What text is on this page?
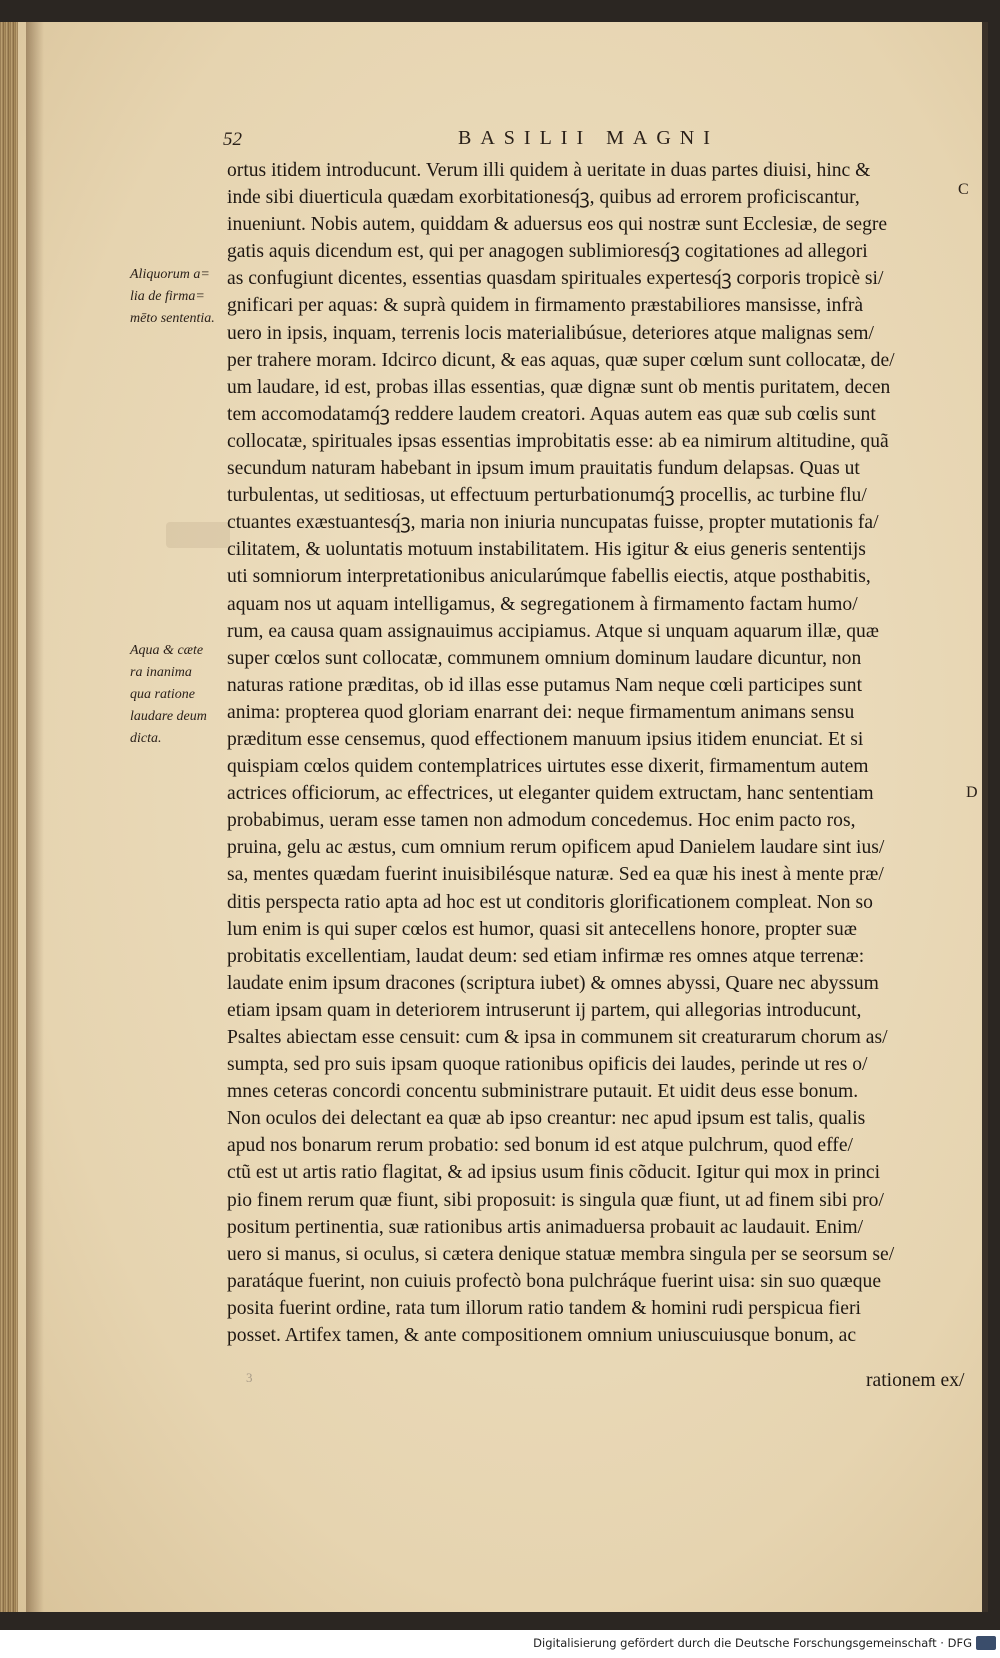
52	BASILII MAGNI
C
D
Aliquorum a=
lia de firma=
mēto sententia.
Aqua & cæte
ra inanima
qua ratione
laudare deum
dicta.
ortus itidem introducunt. Verum illi quidem à ueritate in duas partes diuisi, hinc &
inde sibi diuerticula quædam exorbitationesq́ꝫ, quibus ad errorem proficiscantur,
inueniunt. Nobis autem, quiddam & aduersus eos qui nostræ sunt Ecclesiæ, de segre
gatis aquis dicendum est, qui per anagogen sublimioresq́ꝫ cogitationes ad allegori
as confugiunt dicentes, essentias quasdam spirituales expertesq́ꝫ corporis tropicè si/
gnificari per aquas: & suprà quidem in firmamento præstabiliores mansisse, infrà
uero in ipsis, inquam, terrenis locis materialibúsue, deteriores atque malignas sem/
per trahere moram. Idcirco dicunt, & eas aquas, quæ super cœlum sunt collocatæ, de/
um laudare, id est, probas illas essentias, quæ dignæ sunt ob mentis puritatem, decen
tem accomodatamq́ꝫ reddere laudem creatori. Aquas autem eas quæ sub cœlis sunt
collocatæ, spirituales ipsas essentias improbitatis esse: ab ea nimirum altitudine, quã
secundum naturam habebant in ipsum imum prauitatis fundum delapsas. Quas ut
turbulentas, ut seditiosas, ut effectuum perturbationumq́ꝫ procellis, ac turbine flu/
ctuantes exæstuantesq́ꝫ, maria non iniuria nuncupatas fuisse, propter mutationis fa/
cilitatem, & uoluntatis motuum instabilitatem. His igitur & eius generis sententijs
uti somniorum interpretationibus anicularúmque fabellis eiectis, atque posthabitis,
aquam nos ut aquam intelligamus, & segregationem à firmamento factam humo/
rum, ea causa quam assignauimus accipiamus. Atque si unquam aquarum illæ, quæ
super cœlos sunt collocatæ, communem omnium dominum laudare dicuntur, non
naturas ratione præditas, ob id illas esse putamus Nam neque cœli participes sunt
anima: propterea quod gloriam enarrant dei: neque firmamentum animans sensu
præditum esse censemus, quod effectionem manuum ipsius itidem enunciat. Et si
quispiam cœlos quidem contemplatrices uirtutes esse dixerit, firmamentum autem
actrices officiorum, ac effectrices, ut eleganter quidem extructam, hanc sententiam
probabimus, ueram esse tamen non admodum concedemus. Hoc enim pacto ros,
pruina, gelu ac æstus, cum omnium rerum opificem apud Danielem laudare sint ius/
sa, mentes quædam fuerint inuisibilésque naturæ. Sed ea quæ his inest à mente præ/
ditis perspecta ratio apta ad hoc est ut conditoris glorificationem compleat. Non so
lum enim is qui super cœlos est humor, quasi sit antecellens honore, propter suæ
probitatis excellentiam, laudat deum: sed etiam infirmæ res omnes atque terrenæ:
laudate enim ipsum dracones (scriptura iubet) & omnes abyssi, Quare nec abyssum
etiam ipsam quam in deteriorem intruserunt ij partem, qui allegorias introducunt,
Psaltes abiectam esse censuit: cum & ipsa in communem sit creaturarum chorum as/
sumpta, sed pro suis ipsam quoque rationibus opificis dei laudes, perinde ut res o/
mnes ceteras concordi concentu subministrare putauit. Et uidit deus esse bonum.
Non oculos dei delectant ea quæ ab ipso creantur: nec apud ipsum est talis, qualis
apud nos bonarum rerum probatio: sed bonum id est atque pulchrum, quod effe/
ctũ est ut artis ratio flagitat, & ad ipsius usum finis cõducit. Igitur qui mox in princi
pio finem rerum quæ fiunt, sibi proposuit: is singula quæ fiunt, ut ad finem sibi pro/
positum pertinentia, suæ rationibus artis animaduersa probauit ac laudauit. Enim/
uero si manus, si oculus, si cætera denique statuæ membra singula per se seorsum se/
paratáque fuerint, non cuiuis profectò bona pulchráque fuerint uisa: sin suo quæque
posita fuerint ordine, rata tum illorum ratio tandem & homini rudi perspicua fieri
posset. Artifex tamen, & ante compositionem omnium uniuscuiusque bonum, ac
3	rationem ex/
Digitalisierung gefördert durch die Deutsche Forschungsgemeinschaft · DFG
